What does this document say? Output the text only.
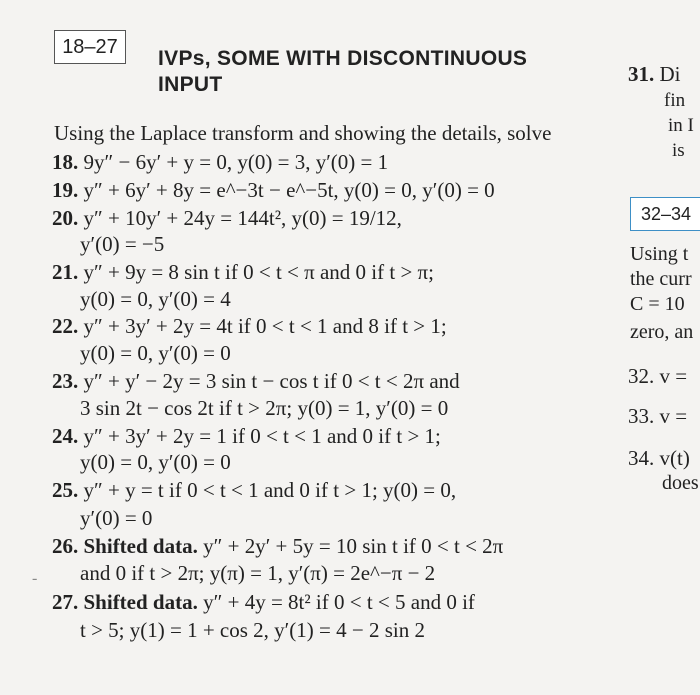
18–27
IVPs, SOME WITH DISCONTINUOUS INPUT
Using the Laplace transform and showing the details, solve
-
18. 9y″ − 6y′ + y = 0, y(0) = 3, y′(0) = 1
19. y″ + 6y′ + 8y = e^−3t − e^−5t, y(0) = 0, y′(0) = 0
20. y″ + 10y′ + 24y = 144t², y(0) = 19/12,
y′(0) = −5
21. y″ + 9y = 8 sin t if 0 < t < π and 0 if t > π;
y(0) = 0, y′(0) = 4
22. y″ + 3y′ + 2y = 4t if 0 < t < 1 and 8 if t > 1;
y(0) = 0, y′(0) = 0
23. y″ + y′ − 2y = 3 sin t − cos t if 0 < t < 2π and
3 sin 2t − cos 2t if t > 2π; y(0) = 1, y′(0) = 0
24. y″ + 3y′ + 2y = 1 if 0 < t < 1 and 0 if t > 1;
y(0) = 0, y′(0) = 0
25. y″ + y = t if 0 < t < 1 and 0 if t > 1; y(0) = 0,
y′(0) = 0
26. Shifted data. y″ + 2y′ + 5y = 10 sin t if 0 < t < 2π
and 0 if t > 2π; y(π) = 1, y′(π) = 2e^−π − 2
27. Shifted data. y″ + 4y = 8t² if 0 < t < 5 and 0 if
t > 5; y(1) = 1 + cos 2, y′(1) = 4 − 2 sin 2
31. Di
fin
in I
is
32–34
Using t
the curr
C = 10
zero, an
32. v =
33. v =
34. v(t)
does
